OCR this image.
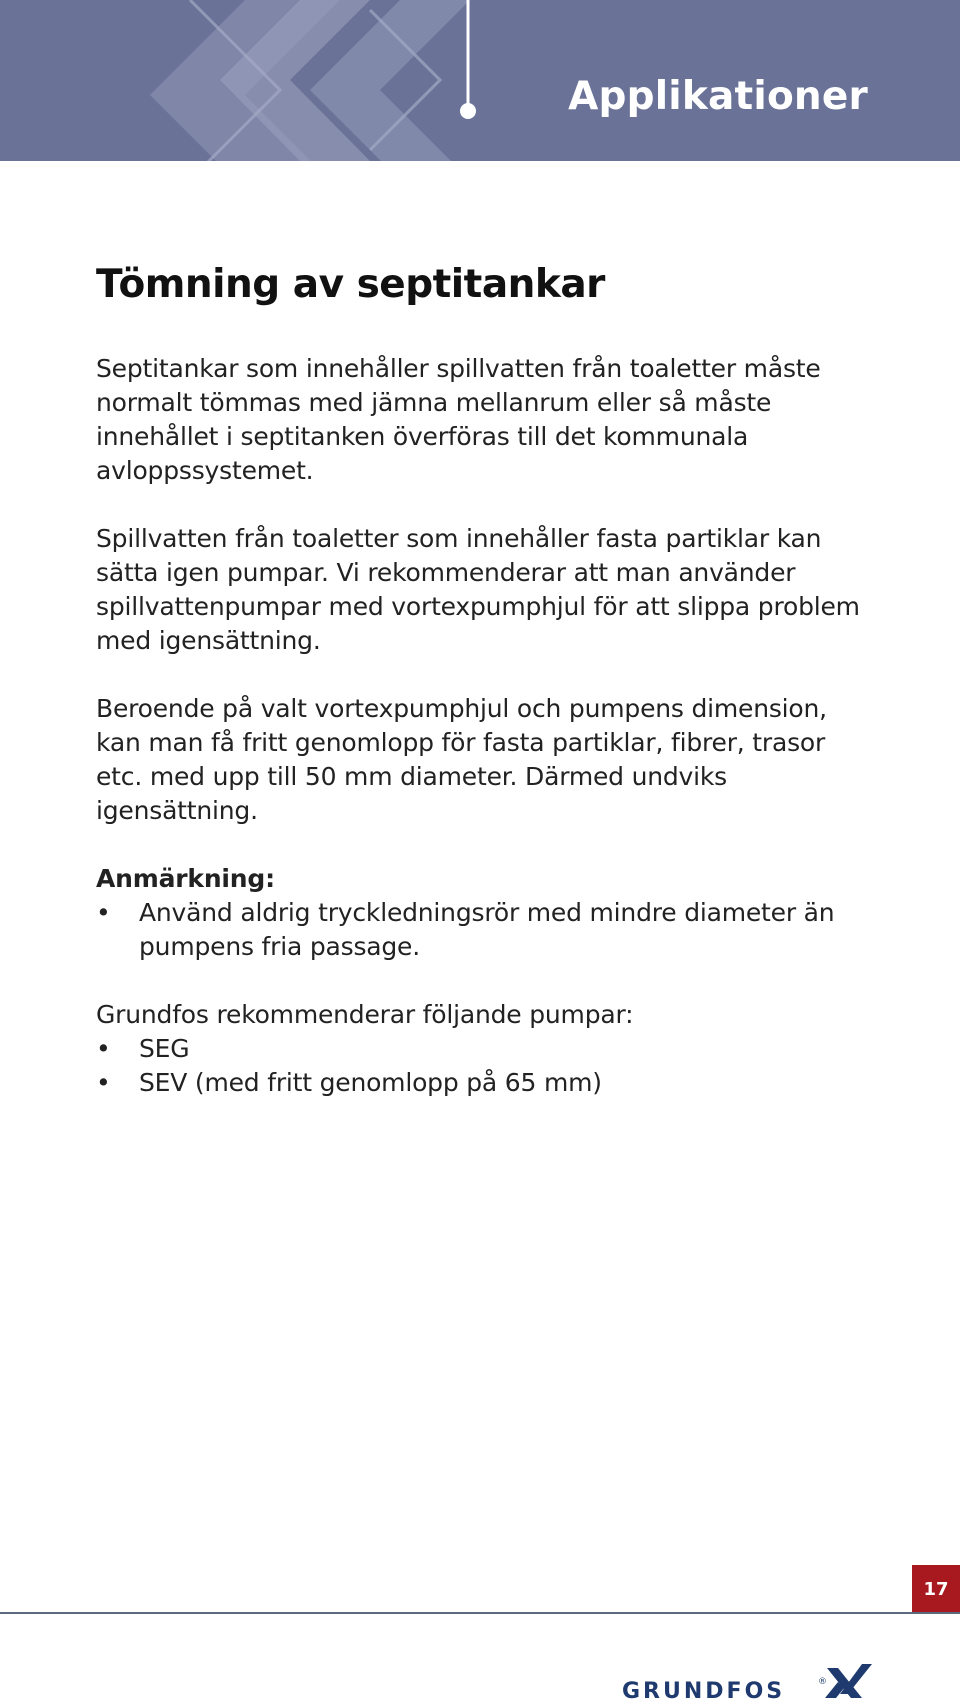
Applikationer
Tömning av septitankar

Septitankar som innehåller spillvatten från toaletter måste normalt tömmas med jämna mellanrum eller så måste innehållet i septitanken överföras till det kommunala avloppssystemet.

Spillvatten från toaletter som innehåller fasta partiklar kan sätta igen pumpar. Vi rekommenderar att man använder spillvattenpumpar med vortexpumphjul för att slippa problem med igensättning.

Beroende på valt vortexpumphjul och pumpens dimension, kan man få fritt genomlopp för fasta partiklar, fibrer, trasor etc. med upp till 50 mm diameter. Därmed undviks igensättning.

Anmärkning:
• Använd aldrig tryckledningsrör med mindre diameter än pumpens fria passage.
Grundfos rekommenderar följande pumpar:
• SEG
• SEV (med fritt genomlopp på 65 mm)
17
GRUNDFOS	®
